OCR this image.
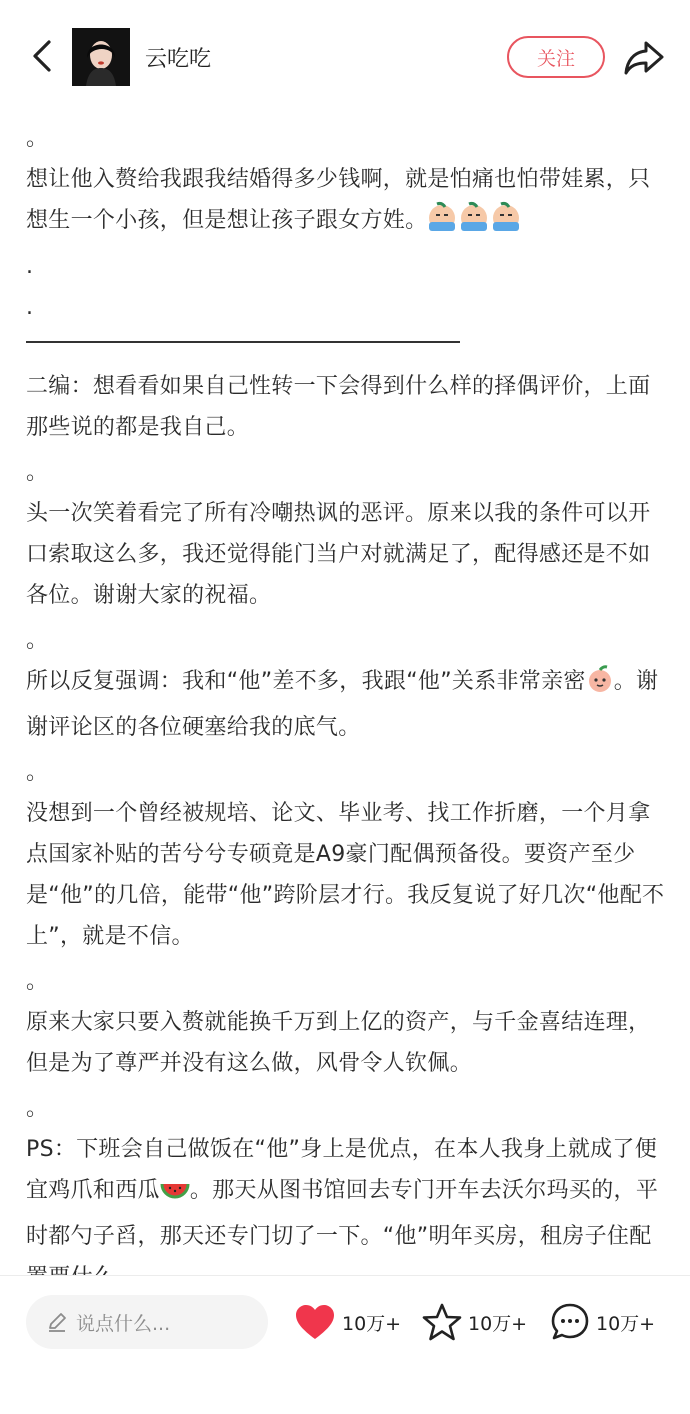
云吃吃	关注

。

想让他入赘给我跟我结婚得多少钱啊，就是怕痛也怕带娃累，只想生一个小孩，但是想让孩子跟女方姓。

.

.

二编：想看看如果自己性转一下会得到什么样的择偶评价，上面那些说的都是我自己。

。

头一次笑着看完了所有冷嘲热讽的恶评。原来以我的条件可以开口索取这么多，我还觉得能门当户对就满足了，配得感还是不如各位。谢谢大家的祝福。

。

所以反复强调：我和“他”差不多，我跟“他”关系非常亲密 。谢谢评论区的各位硬塞给我的底气。

。

没想到一个曾经被规培、论文、毕业考、找工作折磨，一个月拿点国家补贴的苦兮兮专硕竟是A9豪门配偶预备役。要资产至少是“他”的几倍，能带“他”跨阶层才行。我反复说了好几次“他配不上”，就是不信。

。

原来大家只要入赘就能换千万到上亿的资产，与千金喜结连理，但是为了尊严并没有这么做，风骨令人钦佩。

。

PS：下班会自己做饭在“他”身上是优点，在本人我身上就成了便宜鸡爪和西瓜 。那天从图书馆回去专门开车去沃尔玛买的，平时都勺子舀，那天还专门切了一下。“他”明年买房，租房子住配

说点什么...	10万+	10万+	10万+
